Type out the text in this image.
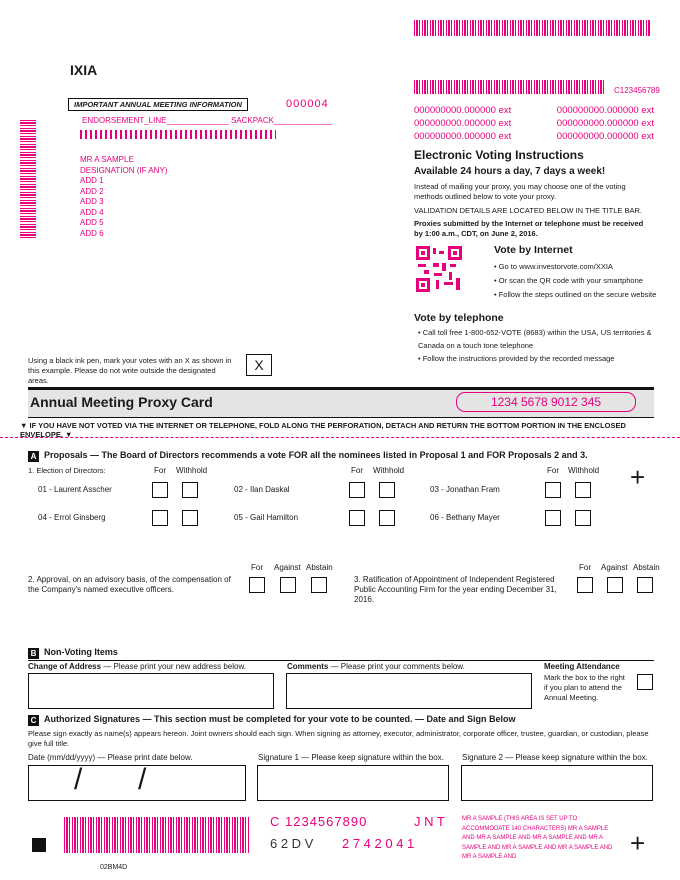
IXIA
C123456789
IMPORTANT ANNUAL MEETING INFORMATION	000004
ENDORSEMENT_LINE______________ SACKPACK_____________
MR A SAMPLE
DESIGNATION (IF ANY)
ADD 1
ADD 2
ADD 3
ADD 4
ADD 5
ADD 6
000000000.000000 ext	000000000.000000 ext
000000000.000000 ext	000000000.000000 ext
000000000.000000 ext	000000000.000000 ext
Electronic Voting Instructions
Available 24 hours a day, 7 days a week!
Instead of mailing your proxy, you may choose one of the voting methods outlined below to vote your proxy.
VALIDATION DETAILS ARE LOCATED BELOW IN THE TITLE BAR.
Proxies submitted by the Internet or telephone must be received by 1:00 a.m., CDT, on June 2, 2016.
Vote by Internet
• Go to www.investorvote.com/XXIA
• Or scan the QR code with your smartphone
• Follow the steps outlined on the secure website
Vote by telephone
• Call toll free 1-800-652-VOTE (8683) within the USA, US territories & Canada on a touch tone telephone
• Follow the instructions provided by the recorded message
Using a black ink pen, mark your votes with an X as shown in this example. Please do not write outside the designated areas.
X
Annual Meeting Proxy Card	1234 5678 9012 345
▼ IF YOU HAVE NOT VOTED VIA THE INTERNET OR TELEPHONE, FOLD ALONG THE PERFORATION, DETACH AND RETURN THE BOTTOM PORTION IN THE ENCLOSED ENVELOPE. ▼
A Proposals — The Board of Directors recommends a vote FOR all the nominees listed in Proposal 1 and FOR Proposals 2 and 3.
1. Election of Directors:	For Withhold	For Withhold	For Withhold
01 - Laurent Asscher	02 - Ilan Daskal	03 - Jonathan Fram	+
04 - Errol Ginsberg	05 - Gail Hamilton	06 - Bethany Mayer
For Against Abstain
2. Approval, on an advisory basis, of the compensation of the Company's named executive officers.
For Against Abstain
3. Ratification of Appointment of Independent Registered Public Accounting Firm for the year ending December 31, 2016.
B Non-Voting Items
Change of Address — Please print your new address below.	Comments — Please print your comments below.	Meeting Attendance
Mark the box to the right if you plan to attend the Annual Meeting.
C Authorized Signatures — This section must be completed for your vote to be counted. — Date and Sign Below
Please sign exactly as name(s) appears hereon. Joint owners should each sign. When signing as attorney, executor, administrator, corporate officer, trustee, guardian, or custodian, please give full title.
Date (mm/dd/yyyy) — Please print date below.	Signature 1 — Please keep signature within the box. Signature 2 — Please keep signature within the box.
/ /
C 1234567890	J N T
6 2 D V 2 7 4 2 0 4 1
MR A SAMPLE (THIS AREA IS SET UP TO ACCOMMODATE 140 CHARACTERS) MR A SAMPLE AND MR A SAMPLE AND MR A SAMPLE AND MR A SAMPLE AND MR A SAMPLE AND MR A SAMPLE AND MR A SAMPLE AND	+
02BM4D
